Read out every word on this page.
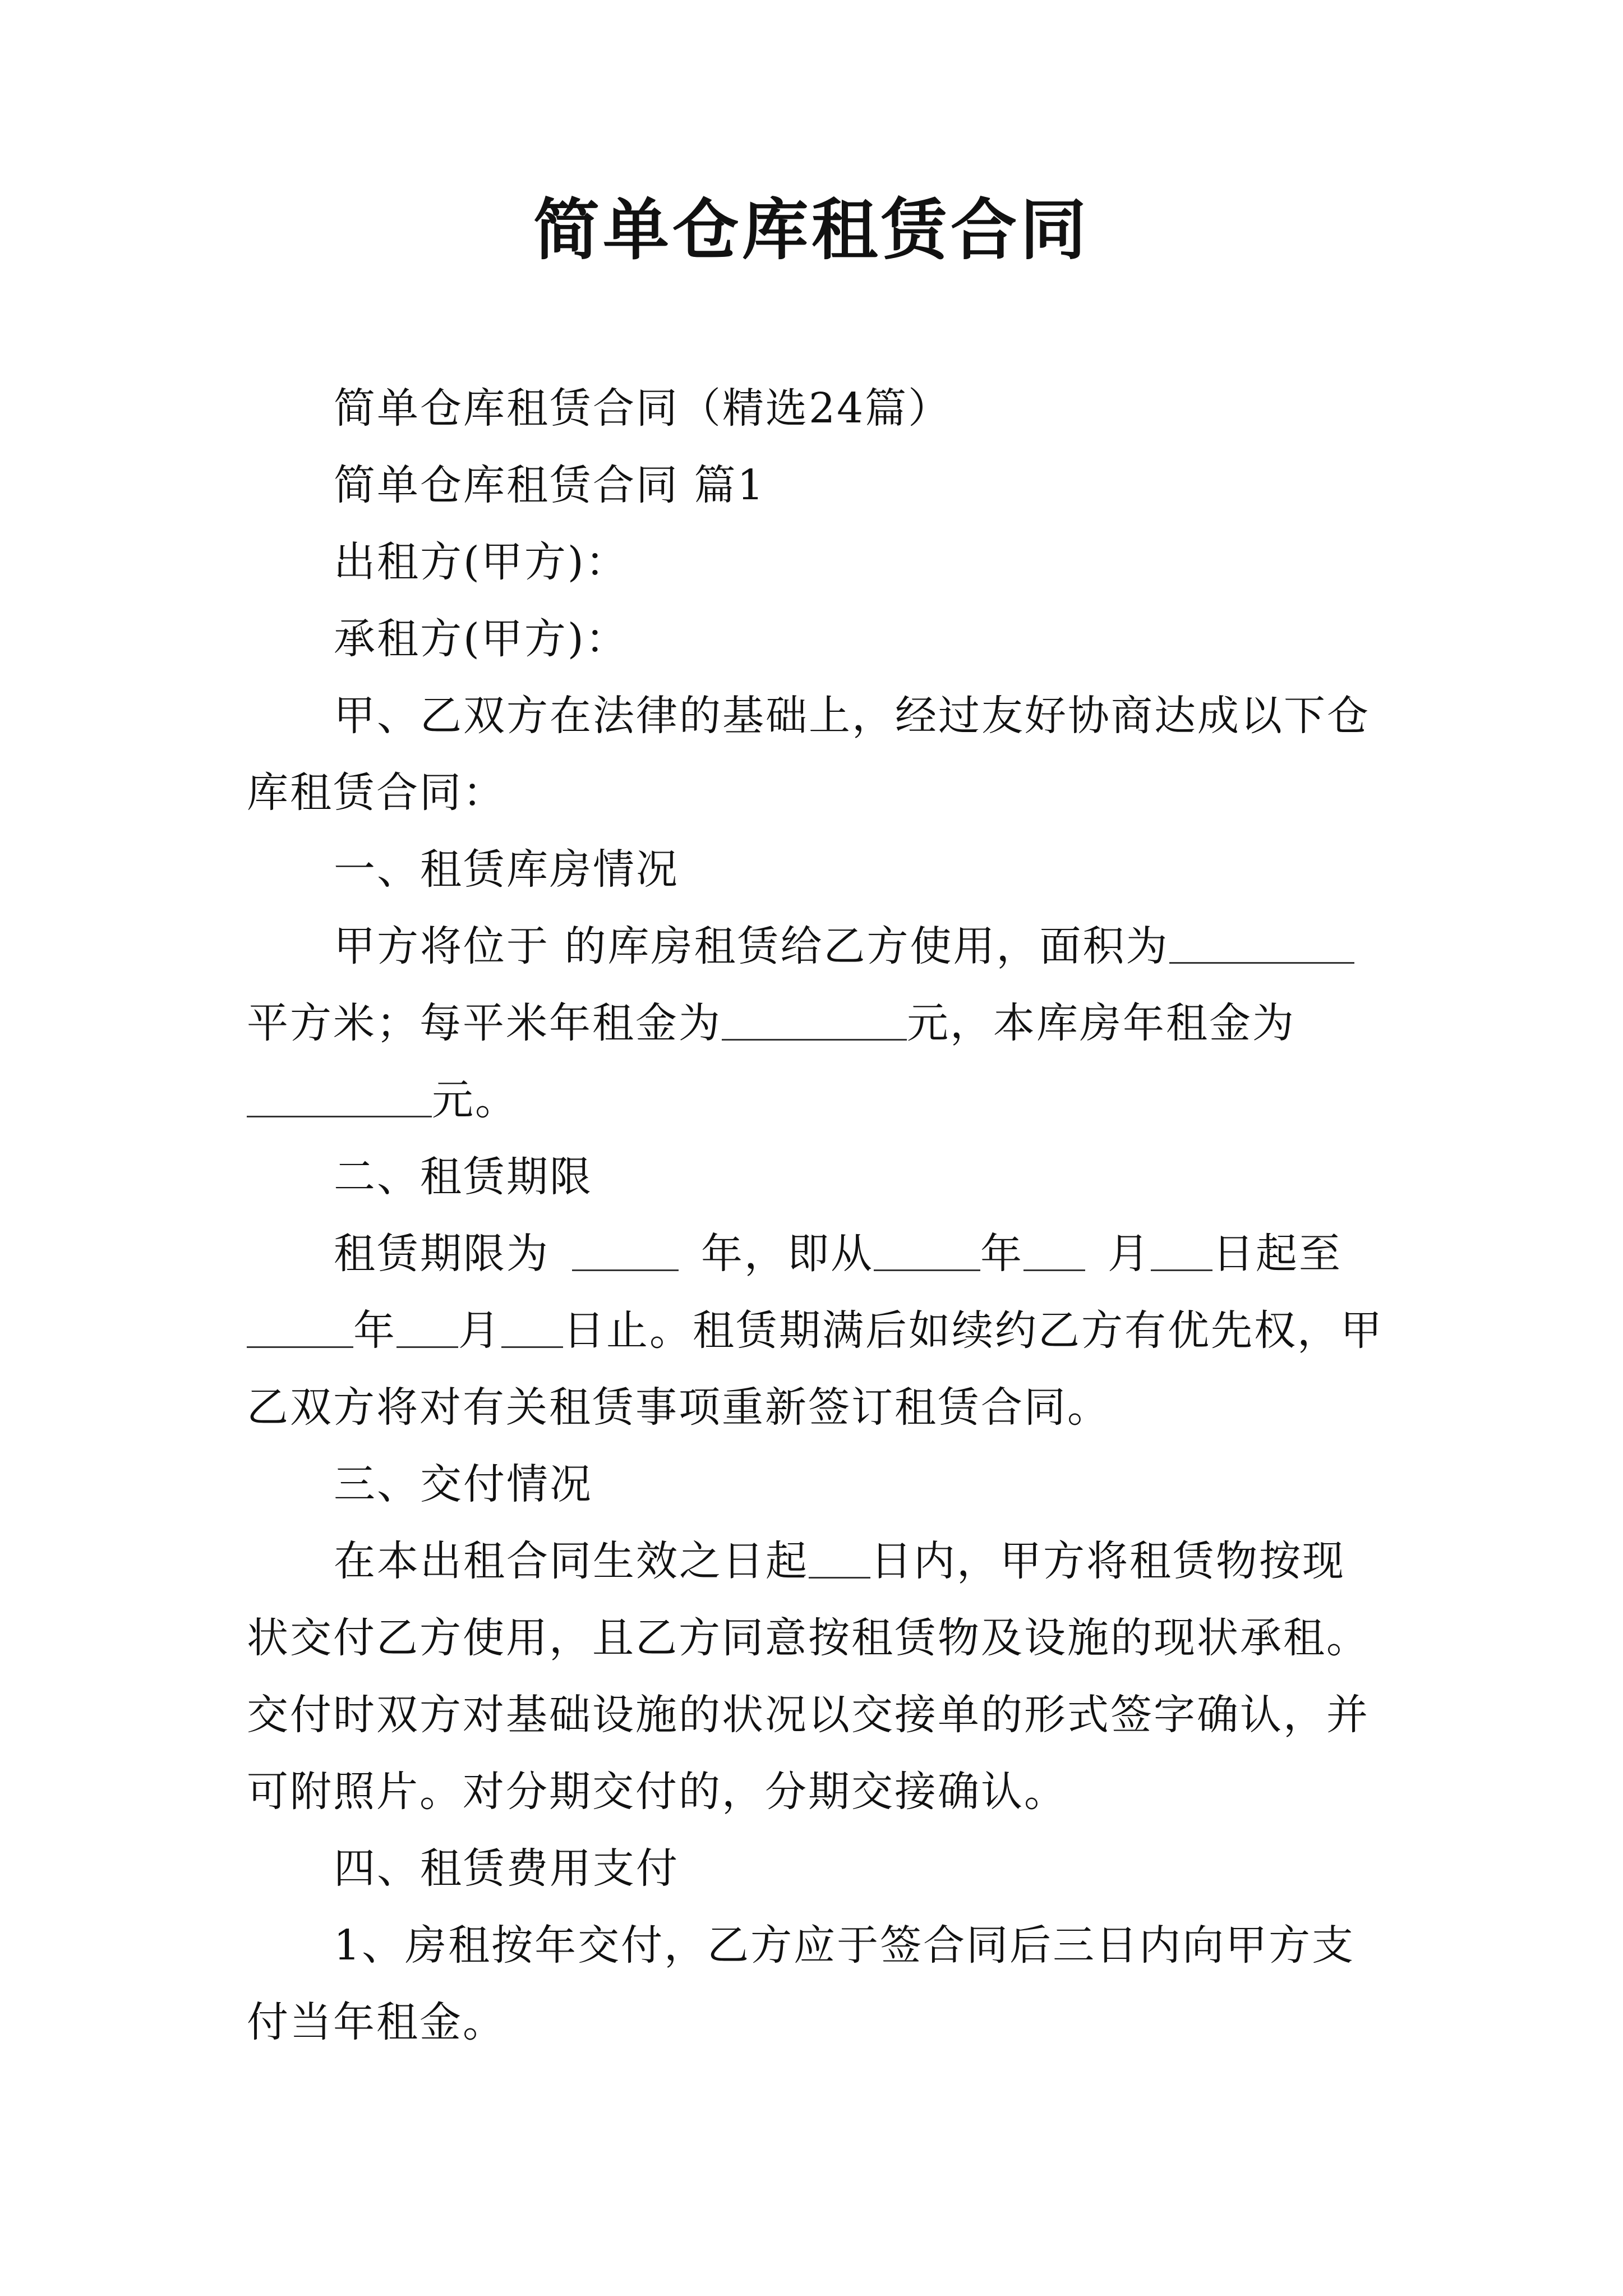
简单仓库租赁合同

简单仓库租赁合同（精选24篇）

简单仓库租赁合同 篇1

出租方(甲方)：

承租方(甲方)：

甲、乙双方在法律的基础上，经过友好协商达成以下仓库租赁合同：

一、租赁库房情况

甲方将位于 的库房租赁给乙方使用，面积为平方米；每平米年租金为	元，本库房年租金为元。

二、租赁期限

租赁期限为	年，即从	年 月 日起至年 月 日止。租赁期满后如续约乙方有优先权，甲乙双方将对有关租赁事项重新签订租赁合同。

三、交付情况

在本出租合同生效之日起 日内，甲方将租赁物按现状交付乙方使用，且乙方同意按租赁物及设施的现状承租。交付时双方对基础设施的状况以交接单的形式签字确认，并可附照片。对分期交付的，分期交接确认。

四、租赁费用支付

1、房租按年交付，乙方应于签合同后三日内向甲方支付当年租金。
